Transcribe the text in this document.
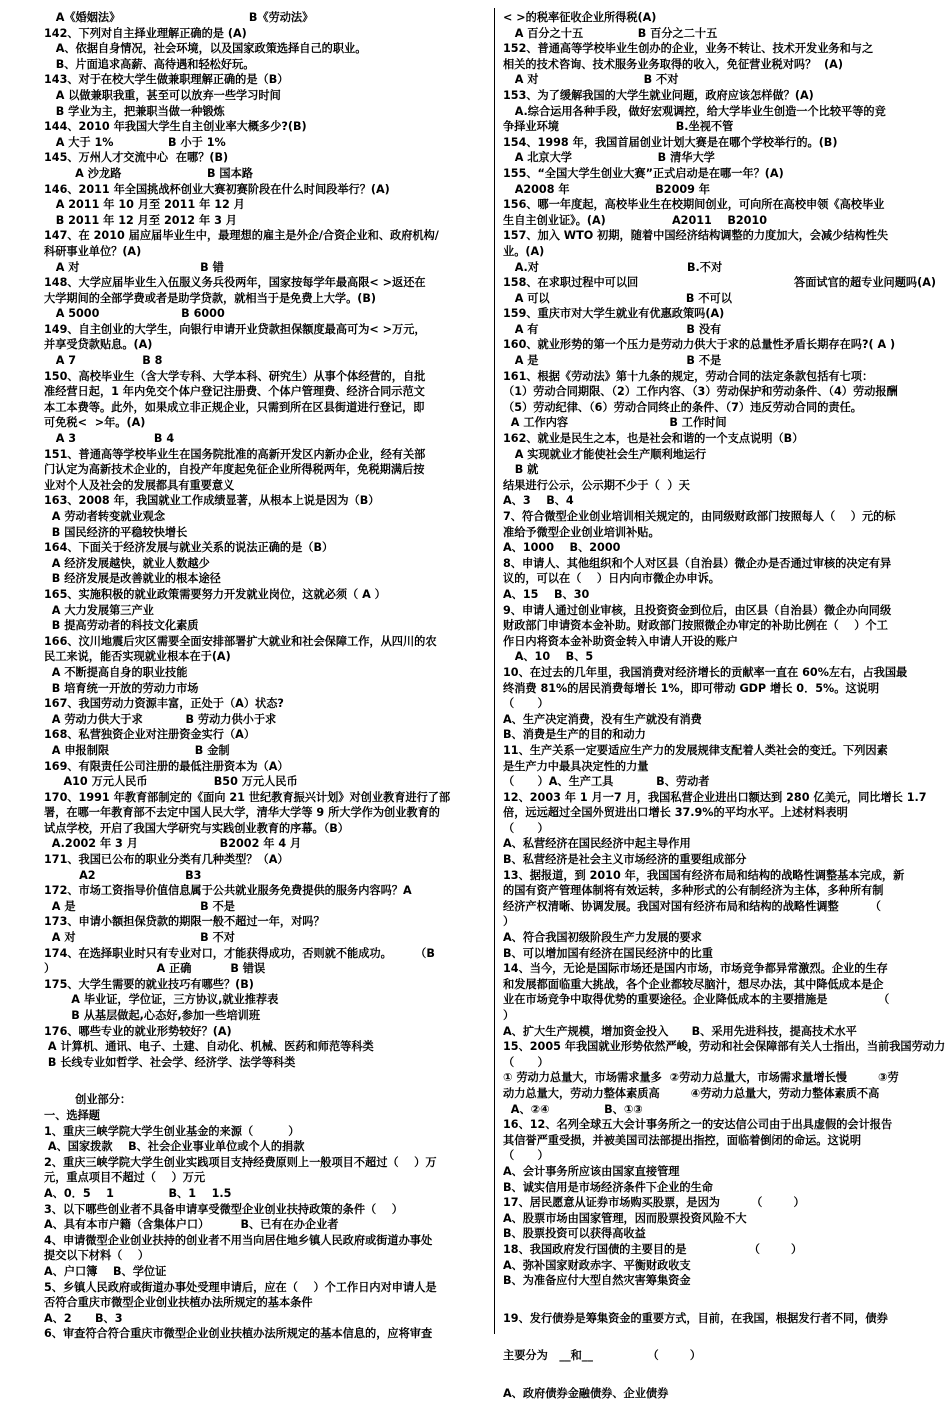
A《婚姻法》                                 B《劳动法》
142、下列对自主择业理解正确的是 (A)
A、依据自身情况，社会环境，以及国家政策选择自己的职业。
B、片面追求高薪、高待遇和轻松好玩。
143、对于在校大学生做兼职理解正确的是（B）
A 以做兼职我重，甚至可以放弃一些学习时间
B 学业为主，把兼职当做一种锻炼
144、2010 年我国大学生自主创业率大概多少?(B)
A 大于 1%              B 小于 1%
145、万州人才交流中心  在哪？(B)
A 沙龙路                      B 国本路
146、2011 年全国挑战杯创业大赛初赛阶段在什么时间段举行？(A)
A 2011 年 10 月至 2011 年 12 月
B 2011 年 12 月至 2012 年 3 月
147、在 2010 届应届毕业生中，最理想的雇主是外企/合资企业和、政府机构/
科研事业单位？(A)
A 对                               B 错
148、大学应届毕业生入伍服义务兵役两年，国家按每学年最高限< >返还在
大学期间的全部学费或者是助学贷款，就相当于是免费上大学。(B)
A 5000                     B 6000
149、自主创业的大学生，向银行申请开业贷款担保额度最高可为< >万元，
并享受贷款贴息。(A)
A 7                 B 8
150、高校毕业生（含大学专科、大学本科、研究生）从事个体经营的，自批
准经营日起，1 年内免交个体户登记注册费、个体户管理费、经济合同示范文
本工本费等。此外，如果成立非正规企业，只需到所在区县街道进行登记，即
可免税<  >年。(A)
A 3                    B 4
151、普通高等学校毕业生在国务院批准的高新开发区内新办企业，经有关部
门认定为高新技术企业的，自投产年度起免征企业所得税两年，免税期满后按
业对个人及社会的发展都具有重要意义
163、2008 年，我国就业工作成绩显著，从根本上说是因为（B）
A 劳动者转变就业观念
B 国民经济的平稳较快增长
164、下面关于经济发展与就业关系的说法正确的是（B）
A 经济发展越快，就业人数越少
B 经济发展是改善就业的根本途径
165、实施积极的就业政策需要努力开发就业岗位，这就必须（ A ）
A 大力发展第三产业
B 提高劳动者的科技文化素质
166、汶川地震后灾区需要全面安排部署扩大就业和社会保障工作，从四川的农
民工来说，能否实现就业根本在于(A)
A 不断提高自身的职业技能
B 培育统一开放的劳动力市场
167、我国劳动力资源丰富，正处于（A）状态?
A 劳动力供大于求           B 劳动力供小于求
168、私营独资企业对注册资金实行（A）
A 申报制限                      B 金制
169、有限责任公司注册的最低注册资本为（A）
A10 万元人民币                 B50 万元人民币
170、1991 年教育部制定的《面向 21 世纪教育振兴计划》对创业教育进行了部
署，在哪一年教育部不去定中国人民大学，清华大学等 9 所大学作为创业教育的
试点学校，开启了我国大学研究与实践创业教育的序幕。（B）
A.2002 年 3 月                     B2002 年 4 月
171、我国已公布的职业分类有几种类型？（A）
A2                       B3
172、市场工资指导价值信息属于公共就业服务免费提供的服务内容吗？A
A 是                                B 不是
173、申请小额担保贷款的期限一般不超过一年，对吗？
A 对                                B 不对
174、在选择职业时只有专业对口，才能获得成功，否则就不能成功。      （B
）                          A 正确          B 错误
175、大学生需要的就业技巧有哪些？(B)
A 毕业证，学位证，三方协议,就业推荐表
B 从基层做起,心态好,参加一些培训班
176、哪些专业的就业形势较好？(A)
A 计算机、通讯、电子、土建、自动化、机械、医药和师范等科类
B 长线专业如哲学、社会学、经济学、法学等科类
创业部分：
一、选择题
1、重庆三峡学院大学生创业基金的来源（         ）
A、国家拨款    B、社会企业事业单位或个人的捐款
2、重庆三峡学院大学生创业实践项目支持经费原则上一般项目不超过（    ）万
元，重点项目不超过（    ）万元
A、0．5    1              B、1    1.5
3、以下哪些创业者不具备申请享受微型企业创业扶持政策的条件（    ）
A、具有本市户籍（含集体户口）        B、已有在办企业者
4、申请微型企业创业扶持的创业者不用当向居住地乡镇人民政府或街道办事处
提交以下材料（    ）
A、户口簿    B、学位证
5、乡镇人民政府或街道办事处受理申请后，应在（    ）个工作日内对申请人是
否符合重庆市微型企业创业扶植办法所规定的基本条件
A、2      B、3
6、审查符合符合重庆市微型企业创业扶植办法所规定的基本信息的，应将审查
< >的税率征收企业所得税(A)
A 百分之十五              B 百分之二十五
152、普通高等学校毕业生创办的企业，业务不转让、技术开发业务和与之
相关的技术咨询、技术服务业务取得的收入，免征营业税对吗？  (A)
A 对                           B 不对
153、为了缓解我国的大学生就业问题，政府应该怎样做？(A)
A.综合运用各种手段，做好宏观调控，给大学毕业生创造一个比较平等的竞
争择业环境                              B.坐视不管
154、1998 年，我国首届创业计划大赛是在哪个学校举行的。(B)
A 北京大学                      B 清华大学
155、“全国大学生创业大赛”正式启动是在哪一年？(A)
A2008 年                      B2009 年
156、哪一年度起，高校毕业生在校期间创业，可向所在高校申领《高校毕业
生自主创业证》。(A)                 A2011    B2010
157、加入 WTO 初期，随着中国经济结构调整的力度加大，会减少结构性失
业。(A)
A.对                                      B.不对
158、在求职过程中可以回                                        答面试官的超专业问题吗(A)
A 可以                                   B 不可以
159、重庆市对大学生就业有优惠政策吗(A)
A 有                                      B 没有
160、就业形势的第一个压力是劳动力供大于求的总量性矛盾长期存在吗?( A )
A 是                                      B 不是
161、根据《劳动法》第十九条的规定，劳动合同的法定条款包括有七项：
（1）劳动合同期限、（2）工作内容、（3）劳动保护和劳动条件、（4）劳动报酬
（5）劳动纪律、（6）劳动合同终止的条件、（7）违反劳动合同的责任。
A 工作内容                          B 工作时间
162、就业是民生之本，也是社会和谐的一个支点说明（B）
A 实现就业才能使社会生产顺利地运行
B 就
结果进行公示，公示期不少于（  ）天
A、3    B、4
7、符合微型企业创业培训相关规定的，由同级财政部门按照每人（    ）元的标
准给予微型企业创业培训补贴。
A、1000    B、2000
8、申请人、其他组织和个人对区县（自治县）微企办是否通过审核的决定有异
议的，可以在（    ）日内向市微企办申诉。
A、15    B、30
9、申请人通过创业审核，且投资资金到位后，由区县（自治县）微企办向同级
财政部门申请资本金补助。财政部门按照微企办审定的补助比例在（    ）个工
作日内将资本金补助资金转入申请人开设的账户
A、10    B、5
10、在过去的几年里，我国消费对经济增长的贡献率一直在 60%左右，占我国最
终消费 81%的居民消费每增长 1%，即可带动 GDP 增长 0．5%。这说明
（      ）
A、生产决定消费，没有生产就没有消费
B、消费是生产的目的和动力
11、生产关系一定要适应生产力的发展规律支配着人类社会的变迁。下列因素
是生产力中最具决定性的力量
（      ）A、生产工具           B、劳动者
12、2003 年 1 月一7 月，我国私营企业进出口额达到 280 亿美元，同比增长 1.7
倍，远远超过全国外贸进出口增长 37.9%的平均水平。上述材料表明
（      ）
A、私营经济在国民经济中起主导作用
B、私营经济是社会主义市场经济的重要组成部分
13、据报道，到 2010 年，我国国有经济布局和结构的战略性调整基本完成，新
的国有资产管理体制将有效运转，多种形式的公有制经济为主体，多种所有制
经济产权清晰、协调发展。我国对国有经济布局和结构的战略性调整        （
）
A、符合我国初级阶段生产力发展的要求
B、可以增加国有经济在国民经济中的比重
14、当今，无论是国际市场还是国内市场，市场竞争都异常激烈。企业的生存
和发展都面临重大挑战，各个企业都较尽脑汁，想尽办法，其中降低成本是企
业在市场竞争中取得优势的重要途径。企业降低成本的主要措施是             （
）
A、扩大生产规模，增加资金投入      B、采用先进科技，提高技术水平
15、2005 年我国就业形势依然严峻，劳动和社会保障部有关人士指出，当前我国劳动力
（      ）
① 劳动力总量大，市场需求量多  ②劳动力总量大，市场需求量增长慢        ③劳
动力总量大，劳动力整体素质高        ④劳动力总量大，劳动力整体素质不高
A、②④              B、①③
16、12、名列全球五大会计事务所之一的安达信公司由于出具虚假的会计报告
其信誉严重受损，并被美国司法部提出指控，面临着倒闭的命运。这说明
（      ）
A、会计事务所应该由国家直接管理
B、诚实信用是市场经济条件下企业的生命
17、居民愿意从证券市场购买股票，是因为        （        ）
A、股票市场由国家管理，因而股票投资风险不大
B、股票投资可以获得高收益
18、我国政府发行国债的主要目的是                （        ）
A、弥补国家财政赤字、平衡财政收支
B、为准备应付大型自然灾害筹集资金
19、发行债券是筹集资金的重要方式，目前，在我国，根据发行者不同，债券
主要分为   __和__              （        ）
A、政府债券金融债券、企业债券
